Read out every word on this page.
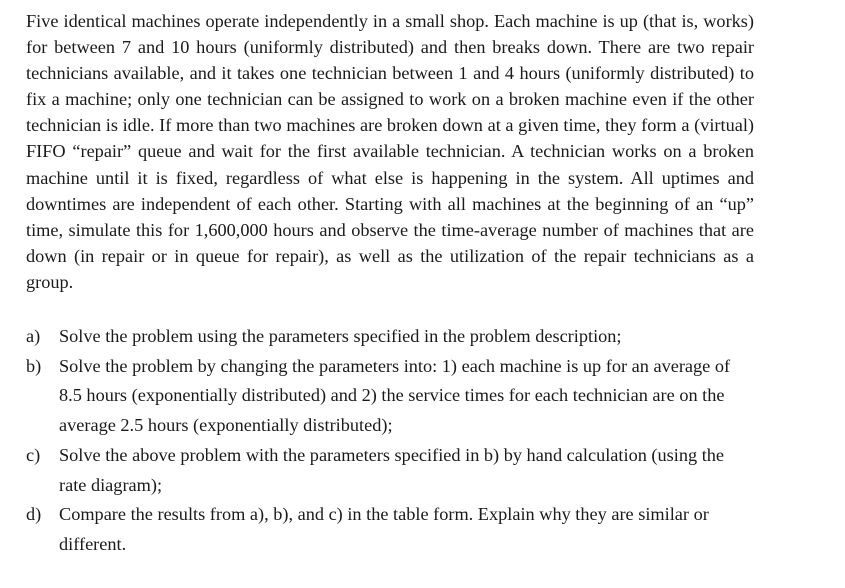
Five identical machines operate independently in a small shop. Each machine is up (that is, works) for between 7 and 10 hours (uniformly distributed) and then breaks down. There are two repair technicians available, and it takes one technician between 1 and 4 hours (uniformly distributed) to fix a machine; only one technician can be assigned to work on a broken machine even if the other technician is idle. If more than two machines are broken down at a given time, they form a (virtual) FIFO “repair” queue and wait for the first available technician. A technician works on a broken machine until it is fixed, regardless of what else is happening in the system. All uptimes and downtimes are independent of each other. Starting with all machines at the beginning of an “up” time, simulate this for 1,600,000 hours and observe the time-average number of machines that are down (in repair or in queue for repair), as well as the utilization of the repair technicians as a group.

a) Solve the problem using the parameters specified in the problem description;
b) Solve the problem by changing the parameters into: 1) each machine is up for an average of 8.5 hours (exponentially distributed) and 2) the service times for each technician are on the average 2.5 hours (exponentially distributed);
c) Solve the above problem with the parameters specified in b) by hand calculation (using the rate diagram);
d) Compare the results from a), b), and c) in the table form. Explain why they are similar or different.
